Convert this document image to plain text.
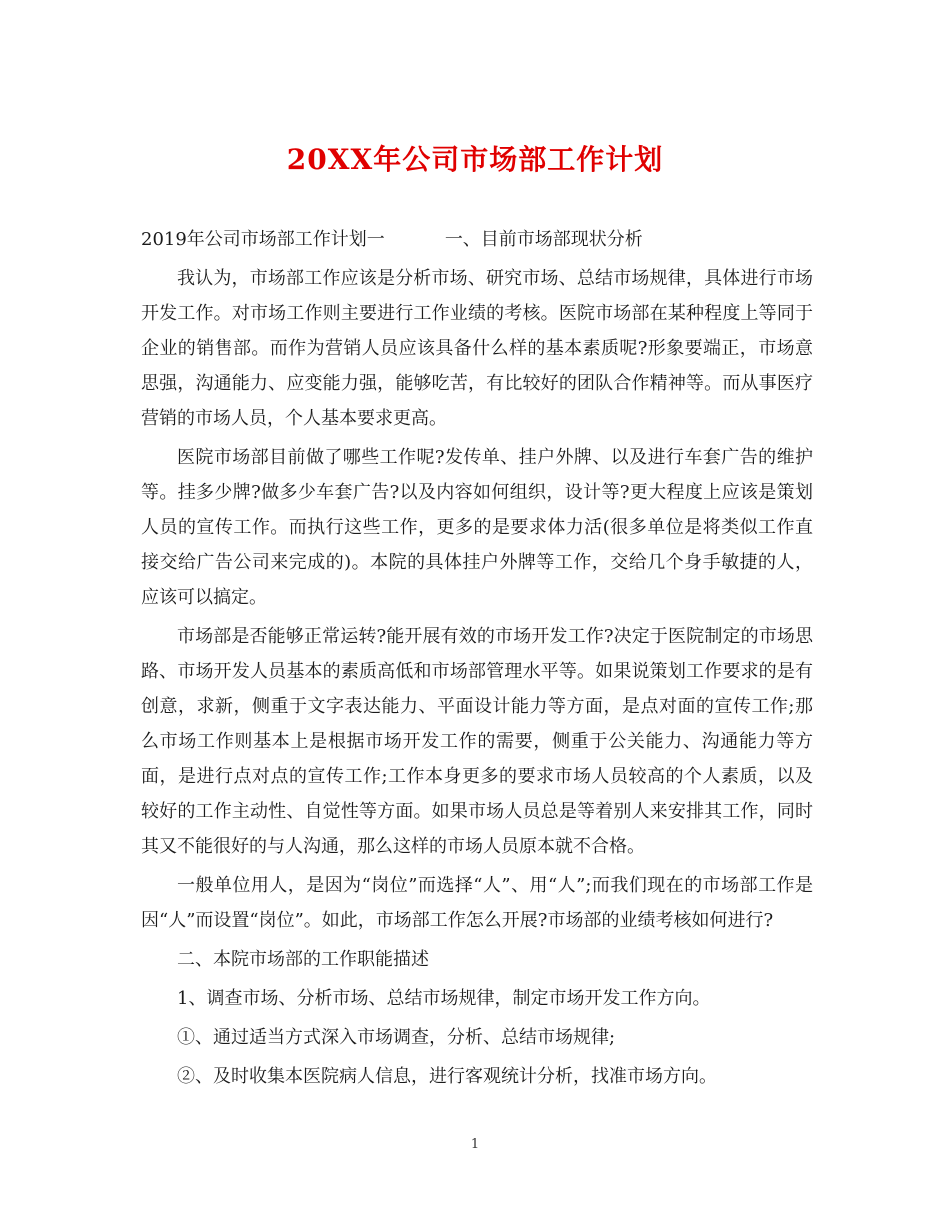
20XX年公司市场部工作计划

2019年公司市场部工作计划一	一、目前市场部现状分析

我认为，市场部工作应该是分析市场、研究市场、总结市场规律，具体进行市场开发工作。对市场工作则主要进行工作业绩的考核。医院市场部在某种程度上等同于企业的销售部。而作为营销人员应该具备什么样的基本素质呢?形象要端正，市场意思强，沟通能力、应变能力强，能够吃苦，有比较好的团队合作精神等。而从事医疗营销的市场人员，个人基本要求更高。

医院市场部目前做了哪些工作呢?发传单、挂户外牌、以及进行车套广告的维护等。挂多少牌?做多少车套广告?以及内容如何组织，设计等?更大程度上应该是策划人员的宣传工作。而执行这些工作，更多的是要求体力活(很多单位是将类似工作直接交给广告公司来完成的)。本院的具体挂户外牌等工作，交给几个身手敏捷的人，应该可以搞定。

市场部是否能够正常运转?能开展有效的市场开发工作?决定于医院制定的市场思路、市场开发人员基本的素质高低和市场部管理水平等。如果说策划工作要求的是有创意，求新，侧重于文字表达能力、平面设计能力等方面，是点对面的宣传工作;那么市场工作则基本上是根据市场开发工作的需要，侧重于公关能力、沟通能力等方面，是进行点对点的宣传工作;工作本身更多的要求市场人员较高的个人素质，以及较好的工作主动性、自觉性等方面。如果市场人员总是等着别人来安排其工作，同时其又不能很好的与人沟通，那么这样的市场人员原本就不合格。

一般单位用人，是因为“岗位”而选择“人”、用“人”;而我们现在的市场部工作是因“人”而设置“岗位”。如此，市场部工作怎么开展?市场部的业绩考核如何进行?

二、本院市场部的工作职能描述

1、调查市场、分析市场、总结市场规律，制定市场开发工作方向。

①、通过适当方式深入市场调查，分析、总结市场规律;

②、及时收集本医院病人信息，进行客观统计分析，找准市场方向。

1
